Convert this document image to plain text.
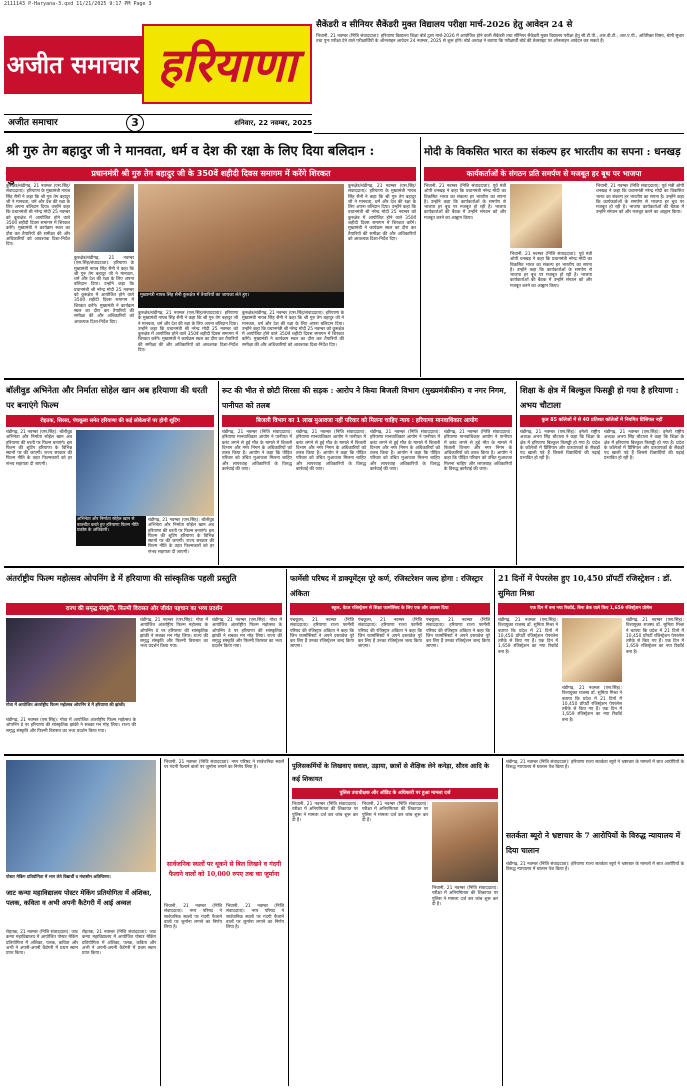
2111143 P-Haryana-3.qxd 11/21/2025 9:17 PM Page 3
अजीत समाचार हरियाणा
अजीत समाचार	3	शनिवार, 22 नवम्बर, 2025
सैकेंडरी व सीनियर सैकेंडरी मुक्त विद्यालय परीक्षा मार्च-2026 हेतु आवेदन 24 से
भिवानी, 21 नवम्बर (निजि संवाददाता): हरियाणा विद्यालय शिक्षा बोर्ड द्वारा मार्च-2026 में आयोजित होने वाली सैकेंडरी तथा सीनियर सैकेंडरी मुक्त विद्यालय परीक्षा हेतु सी.टी.पी., आर.वी.टी., आर.ए.पी., अतिरिक्त विषय, श्रेणी सुधार तथा पुनः परीक्षा देने वाले परीक्षार्थियों के ऑनलाइन आवेदन 24 नवम्बर, 2025 से शुरू होंगे। बोर्ड अध्यक्ष ने बताया कि परीक्षार्थी बोर्ड की वेबसाइट पर ऑनलाइन आवेदन कर सकते हैं।
श्री गुरु तेग बहादुर जी ने मानवता, धर्म व देश की रक्षा के लिए दिया बलिदान :
प्रधानमंत्री श्री गुरु तेग बहादुर जी के 350वें शहीदी दिवस समागम में करेंगे शिरकत
कुरुक्षेत्र/चंडीगढ़, 21 नवम्बर (एस.सिंह/संवाददाता): हरियाणा के मुख्यमंत्री नायब सिंह सैनी ने कहा कि श्री गुरु तेग बहादुर जी ने मानवता, धर्म और देश की रक्षा के लिए अपना बलिदान दिया। उन्होंने कहा कि प्रधानमंत्री श्री नरेन्द्र मोदी 25 नवम्बर को कुरुक्षेत्र में आयोजित होने वाले 350वें शहीदी दिवस समागम में शिरकत करेंगे। मुख्यमंत्री ने कार्यक्रम स्थल का दौरा कर तैयारियों की समीक्षा की और अधिकारियों को आवश्यक दिशा-निर्देश दिए।
कुरुक्षेत्र/चंडीगढ़, 21 नवम्बर (एस.सिंह/संवाददाता): हरियाणा के मुख्यमंत्री नायब सिंह सैनी ने कहा कि श्री गुरु तेग बहादुर जी ने मानवता, धर्म और देश की रक्षा के लिए अपना बलिदान दिया। उन्होंने कहा कि प्रधानमंत्री श्री नरेन्द्र मोदी 25 नवम्बर को कुरुक्षेत्र में आयोजित होने वाले 350वें शहीदी दिवस समागम में शिरकत करेंगे। मुख्यमंत्री ने कार्यक्रम स्थल का दौरा कर तैयारियों की समीक्षा की और अधिकारियों को आवश्यक दिशा-निर्देश दिए।
मुख्यमंत्री नायब सिंह सैनी कुरुक्षेत्र में तैयारियों का जायजा लेते हुए।
कुरुक्षेत्र/चंडीगढ़, 21 नवम्बर (एस.सिंह/संवाददाता): हरियाणा के मुख्यमंत्री नायब सिंह सैनी ने कहा कि श्री गुरु तेग बहादुर जी ने मानवता, धर्म और देश की रक्षा के लिए अपना बलिदान दिया। उन्होंने कहा कि प्रधानमंत्री श्री नरेन्द्र मोदी 25 नवम्बर को कुरुक्षेत्र में आयोजित होने वाले 350वें शहीदी दिवस समागम में शिरकत करेंगे। मुख्यमंत्री ने कार्यक्रम स्थल का दौरा कर तैयारियों की समीक्षा की और अधिकारियों को आवश्यक दिशा-निर्देश दिए।
कुरुक्षेत्र/चंडीगढ़, 21 नवम्बर (एस.सिंह/संवाददाता): हरियाणा के मुख्यमंत्री नायब सिंह सैनी ने कहा कि श्री गुरु तेग बहादुर जी ने मानवता, धर्म और देश की रक्षा के लिए अपना बलिदान दिया। उन्होंने कहा कि प्रधानमंत्री श्री नरेन्द्र मोदी 25 नवम्बर को कुरुक्षेत्र में आयोजित होने वाले 350वें शहीदी दिवस समागम में शिरकत करेंगे। मुख्यमंत्री ने कार्यक्रम स्थल का दौरा कर तैयारियों की समीक्षा की और अधिकारियों को आवश्यक दिशा-निर्देश दिए।
कुरुक्षेत्र/चंडीगढ़, 21 नवम्बर (एस.सिंह/संवाददाता): हरियाणा के मुख्यमंत्री नायब सिंह सैनी ने कहा कि श्री गुरु तेग बहादुर जी ने मानवता, धर्म और देश की रक्षा के लिए अपना बलिदान दिया। उन्होंने कहा कि प्रधानमंत्री श्री नरेन्द्र मोदी 25 नवम्बर को कुरुक्षेत्र में आयोजित होने वाले 350वें शहीदी दिवस समागम में शिरकत करेंगे। मुख्यमंत्री ने कार्यक्रम स्थल का दौरा कर तैयारियों की समीक्षा की और अधिकारियों को आवश्यक दिशा-निर्देश दिए।
मोदी के विकसित भारत का संकल्प हर भारतीय का सपना : धनखड़
कार्यकर्ताओं के संगठन प्रति समर्पण से मजबूत हर बूथ पर भाजपा
भिवानी, 21 नवम्बर (निजि संवाददाता): पूर्व मंत्री ओपी धनखड़ ने कहा कि प्रधानमंत्री नरेन्द्र मोदी का विकसित भारत का संकल्प हर भारतीय का सपना है। उन्होंने कहा कि कार्यकर्ताओं के समर्पण से भाजपा हर बूथ पर मजबूत हो रही है। भाजपा कार्यकर्ताओं की बैठक में उन्होंने संगठन को और मजबूत करने का आह्वान किया।
भिवानी, 21 नवम्बर (निजि संवाददाता): पूर्व मंत्री ओपी धनखड़ ने कहा कि प्रधानमंत्री नरेन्द्र मोदी का विकसित भारत का संकल्प हर भारतीय का सपना है। उन्होंने कहा कि कार्यकर्ताओं के समर्पण से भाजपा हर बूथ पर मजबूत हो रही है। भाजपा कार्यकर्ताओं की बैठक में उन्होंने संगठन को और मजबूत करने का आह्वान किया।
भिवानी, 21 नवम्बर (निजि संवाददाता): पूर्व मंत्री ओपी धनखड़ ने कहा कि प्रधानमंत्री नरेन्द्र मोदी का विकसित भारत का संकल्प हर भारतीय का सपना है। उन्होंने कहा कि कार्यकर्ताओं के समर्पण से भाजपा हर बूथ पर मजबूत हो रही है। भाजपा कार्यकर्ताओं की बैठक में उन्होंने संगठन को और मजबूत करने का आह्वान किया।
बॉलीवुड अभिनेता और निर्माता सोहेल खान अब हरियाणा की धरती पर बनाएंगे फिल्म
रोहतक, सिरसा, पंचकूला समेत हरियाणा की कई लोकेशनों पर होगी शूटिंग
चंडीगढ़, 21 नवम्बर (एस.सिंह): बॉलीवुड अभिनेता और निर्माता सोहेल खान अब हरियाणा की धरती पर फिल्म बनाएंगे। इस फिल्म की शूटिंग हरियाणा के विभिन्न स्थानों पर की जाएगी। राज्य सरकार की फिल्म नीति के तहत फिल्मकारों को हर संभव सहायता दी जाएगी।
अभिनेता और निर्माता सोहेल खान से बातचीत करते हुए हरियाणा फिल्म नीति प्रकोष्ठ के अधिकारी।
चंडीगढ़, 21 नवम्बर (एस.सिंह): बॉलीवुड अभिनेता और निर्माता सोहेल खान अब हरियाणा की धरती पर फिल्म बनाएंगे। इस फिल्म की शूटिंग हरियाणा के विभिन्न स्थानों पर की जाएगी। राज्य सरकार की फिल्म नीति के तहत फिल्मकारों को हर संभव सहायता दी जाएगी।
रूट की भीत से छोटी सिरसा की सड़क : आरोप नेे किया बिजली विभाग (मुख्यमंत्रीकीन) व नगर निगम, पानीपत को तलब
बिजली विभाग का 1 लाख मुआवजा नहीं परिवार को मिलना चाहिए न्याय : हरियाणा मानवाधिकार आयोग
चंडीगढ़, 21 नवम्बर (निजि संवाददाता): हरियाणा मानवाधिकार आयोग ने पानीपत में करंट लगने से हुई मौत के मामले में बिजली विभाग और नगर निगम के अधिकारियों को तलब किया है। आयोग ने कहा कि पीड़ित परिवार को उचित मुआवजा मिलना चाहिए और लापरवाह अधिकारियों के विरुद्ध कार्रवाई की जाए।
चंडीगढ़, 21 नवम्बर (निजि संवाददाता): हरियाणा मानवाधिकार आयोग ने पानीपत में करंट लगने से हुई मौत के मामले में बिजली विभाग और नगर निगम के अधिकारियों को तलब किया है। आयोग ने कहा कि पीड़ित परिवार को उचित मुआवजा मिलना चाहिए और लापरवाह अधिकारियों के विरुद्ध कार्रवाई की जाए।
चंडीगढ़, 21 नवम्बर (निजि संवाददाता): हरियाणा मानवाधिकार आयोग ने पानीपत में करंट लगने से हुई मौत के मामले में बिजली विभाग और नगर निगम के अधिकारियों को तलब किया है। आयोग ने कहा कि पीड़ित परिवार को उचित मुआवजा मिलना चाहिए और लापरवाह अधिकारियों के विरुद्ध कार्रवाई की जाए।
चंडीगढ़, 21 नवम्बर (निजि संवाददाता): हरियाणा मानवाधिकार आयोग ने पानीपत में करंट लगने से हुई मौत के मामले में बिजली विभाग और नगर निगम के अधिकारियों को तलब किया है। आयोग ने कहा कि पीड़ित परिवार को उचित मुआवजा मिलना चाहिए और लापरवाह अधिकारियों के विरुद्ध कार्रवाई की जाए।
शिक्षा के क्षेत्र में बिल्कुल फिसड्डी हो गया है हरियाणा : अभय चौटाला
कुल 85 कॉलेजों में से 40 प्रतिशत कॉलेजों में नियमित प्रिंसिपल नहीं
चंडीगढ़, 21 नवम्बर (एस.सिंह): इनेलो राष्ट्रीय अध्यक्ष अभय सिंह चौटाला ने कहा कि शिक्षा के क्षेत्र में हरियाणा बिल्कुल फिसड्डी हो गया है। प्रदेश के कॉलेजों में प्रिंसिपल और प्राध्यापकों के सैकड़ों पद खाली पड़े हैं जिससे विद्यार्थियों की पढ़ाई प्रभावित हो रही है।
चंडीगढ़, 21 नवम्बर (एस.सिंह): इनेलो राष्ट्रीय अध्यक्ष अभय सिंह चौटाला ने कहा कि शिक्षा के क्षेत्र में हरियाणा बिल्कुल फिसड्डी हो गया है। प्रदेश के कॉलेजों में प्रिंसिपल और प्राध्यापकों के सैकड़ों पद खाली पड़े हैं जिससे विद्यार्थियों की पढ़ाई प्रभावित हो रही है।
अंतर्राष्ट्रीय फिल्म महोत्सव ओपनिंग डेे में हरियाणा की सांस्कृतिक पहली प्रस्तुति
राज्य की समृद्ध संस्कृति, फिल्मी विरासत और जीवंत पहचान का भव्य प्रदर्शन
गोवा में आयोजित अंतर्राष्ट्रीय फिल्म महोत्सव ओपनिंग डे में हरियाणा की झांकी।
चंडीगढ़, 21 नवम्बर (एस.सिंह): गोवा में आयोजित अंतर्राष्ट्रीय फिल्म महोत्सव के ओपनिंग डे पर हरियाणा की सांस्कृतिक झांकी ने सबका मन मोह लिया। राज्य की समृद्ध संस्कृति और फिल्मी विरासत का भव्य प्रदर्शन किया गया।
चंडीगढ़, 21 नवम्बर (एस.सिंह): गोवा में आयोजित अंतर्राष्ट्रीय फिल्म महोत्सव के ओपनिंग डे पर हरियाणा की सांस्कृतिक झांकी ने सबका मन मोह लिया। राज्य की समृद्ध संस्कृति और फिल्मी विरासत का भव्य प्रदर्शन किया गया।
चंडीगढ़, 21 नवम्बर (एस.सिंह): गोवा में आयोजित अंतर्राष्ट्रीय फिल्म महोत्सव के ओपनिंग डे पर हरियाणा की सांस्कृतिक झांकी ने सबका मन मोह लिया। राज्य की समृद्ध संस्कृति और फिल्मी विरासत का भव्य प्रदर्शन किया गया।
फार्मेसी परिषद में डाक्यूमेंट्स पूरे कर्ण, रजिस्टरेशन जल्द होगा : रजिस्ट्रार अंकिता
स्कूल, वेटल रजिस्ट्रेशन से शिक्षा फार्मासिस्ट के लिए एक और अवसर दिया
पंचकूला, 21 नवम्बर (निजि संवाददाता): हरियाणा राज्य फार्मेसी परिषद की रजिस्ट्रार अंकिता ने कहा कि जिन फार्मासिस्टों ने अपने दस्तावेज पूरे कर लिए हैं उनका रजिस्ट्रेशन जल्द किया जाएगा।
पंचकूला, 21 नवम्बर (निजि संवाददाता): हरियाणा राज्य फार्मेसी परिषद की रजिस्ट्रार अंकिता ने कहा कि जिन फार्मासिस्टों ने अपने दस्तावेज पूरे कर लिए हैं उनका रजिस्ट्रेशन जल्द किया जाएगा।
पंचकूला, 21 नवम्बर (निजि संवाददाता): हरियाणा राज्य फार्मेसी परिषद की रजिस्ट्रार अंकिता ने कहा कि जिन फार्मासिस्टों ने अपने दस्तावेज पूरे कर लिए हैं उनका रजिस्ट्रेशन जल्द किया जाएगा।
21 दिनों में पेपरलेस हुए 10,450 प्रॉपर्टी रजिस्ट्रेशन : डॉ. सुमिता मिश्रा
एक दिन में बना नया रिकॉर्ड, बिना ब्रेक वाले किए 1,659 रजिस्ट्रेशन प्रोसेस
चंडीगढ़, 21 नवम्बर (एस.सिंह): वित्तायुक्त राजस्व डॉ. सुमिता मिश्रा ने बताया कि प्रदेश में 21 दिनों में 10,450 प्रॉपर्टी रजिस्ट्रेशन पेपरलेस तरीके से किए गए हैं। एक दिन में 1,659 रजिस्ट्रेशन का नया रिकॉर्ड बना है।
चंडीगढ़, 21 नवम्बर (एस.सिंह): वित्तायुक्त राजस्व डॉ. सुमिता मिश्रा ने बताया कि प्रदेश में 21 दिनों में 10,450 प्रॉपर्टी रजिस्ट्रेशन पेपरलेस तरीके से किए गए हैं। एक दिन में 1,659 रजिस्ट्रेशन का नया रिकॉर्ड बना है।
चंडीगढ़, 21 नवम्बर (एस.सिंह): वित्तायुक्त राजस्व डॉ. सुमिता मिश्रा ने बताया कि प्रदेश में 21 दिनों में 10,450 प्रॉपर्टी रजिस्ट्रेशन पेपरलेस तरीके से किए गए हैं। एक दिन में 1,659 रजिस्ट्रेशन का नया रिकॉर्ड बना है।
पोस्टर मेकिंग प्रतियोगिता में भाग लेते विद्यार्थी व मंचासीन अतिथिगण।
जाट कन्या महाविद्यालय पोस्टर मेकिंग प्रतियोगिता में अंशिका, पलक, कविता व अभी अपनी कैटेगरी में आई अव्वल
रोहतक, 21 नवम्बर (निजि संवाददाता): जाट कन्या महाविद्यालय में आयोजित पोस्टर मेकिंग प्रतियोगिता में अंशिका, पलक, कविता और अभी ने अपनी-अपनी कैटेगरी में प्रथम स्थान प्राप्त किया।
रोहतक, 21 नवम्बर (निजि संवाददाता): जाट कन्या महाविद्यालय में आयोजित पोस्टर मेकिंग प्रतियोगिता में अंशिका, पलक, कविता और अभी ने अपनी-अपनी कैटेगरी में प्रथम स्थान प्राप्त किया।
भिवानी, 21 नवम्बर (निजि संवाददाता): नगर परिषद ने सार्वजनिक स्थलों पर गंदगी फैलाने वालों पर जुर्माना लगाने का निर्णय लिया है।
सार्वजनिक स्थलों पर थूकने से बिल लिखने व गंदगी फैलाने वालों को 10,000 रुपए तक का जुर्माना
भिवानी, 21 नवम्बर (निजि संवाददाता): नगर परिषद ने सार्वजनिक स्थलों पर गंदगी फैलाने वालों पर जुर्माना लगाने का निर्णय लिया है।
भिवानी, 21 नवम्बर (निजि संवाददाता): नगर परिषद ने सार्वजनिक स्थलों पर गंदगी फैलाने वालों पर जुर्माना लगाने का निर्णय लिया है।
पुलिसकर्मियों के लिखवाए सवाल, उड़ाया, छात्रों से शैक्षिक लेने कनेड़ा, सौरव आदि के कई शिकायत
पुलिस उपाधीक्षक और ऑडिट के अधिकारी पर हुआ मामला दर्ज
भिवानी, 21 नवम्बर (निजि संवाददाता): परीक्षा में अनियमितता की शिकायत पर पुलिस ने मामला दर्ज कर जांच शुरू कर दी है।
भिवानी, 21 नवम्बर (निजि संवाददाता): परीक्षा में अनियमितता की शिकायत पर पुलिस ने मामला दर्ज कर जांच शुरू कर दी है।
भिवानी, 21 नवम्बर (निजि संवाददाता): परीक्षा में अनियमितता की शिकायत पर पुलिस ने मामला दर्ज कर जांच शुरू कर दी है।
चंडीगढ़, 21 नवम्बर (निजि संवाददाता): हरियाणा राज्य सतर्कता ब्यूरो ने भ्रष्टाचार के मामलों में सात आरोपियों के विरुद्ध न्यायालय में चालान पेश किया है।
सतर्कता ब्यूरो ने भ्रष्टाचार के 7 आरोपियों के विरुद्ध न्यायालय में दिया चालान
चंडीगढ़, 21 नवम्बर (निजि संवाददाता): हरियाणा राज्य सतर्कता ब्यूरो ने भ्रष्टाचार के मामलों में सात आरोपियों के विरुद्ध न्यायालय में चालान पेश किया है।
